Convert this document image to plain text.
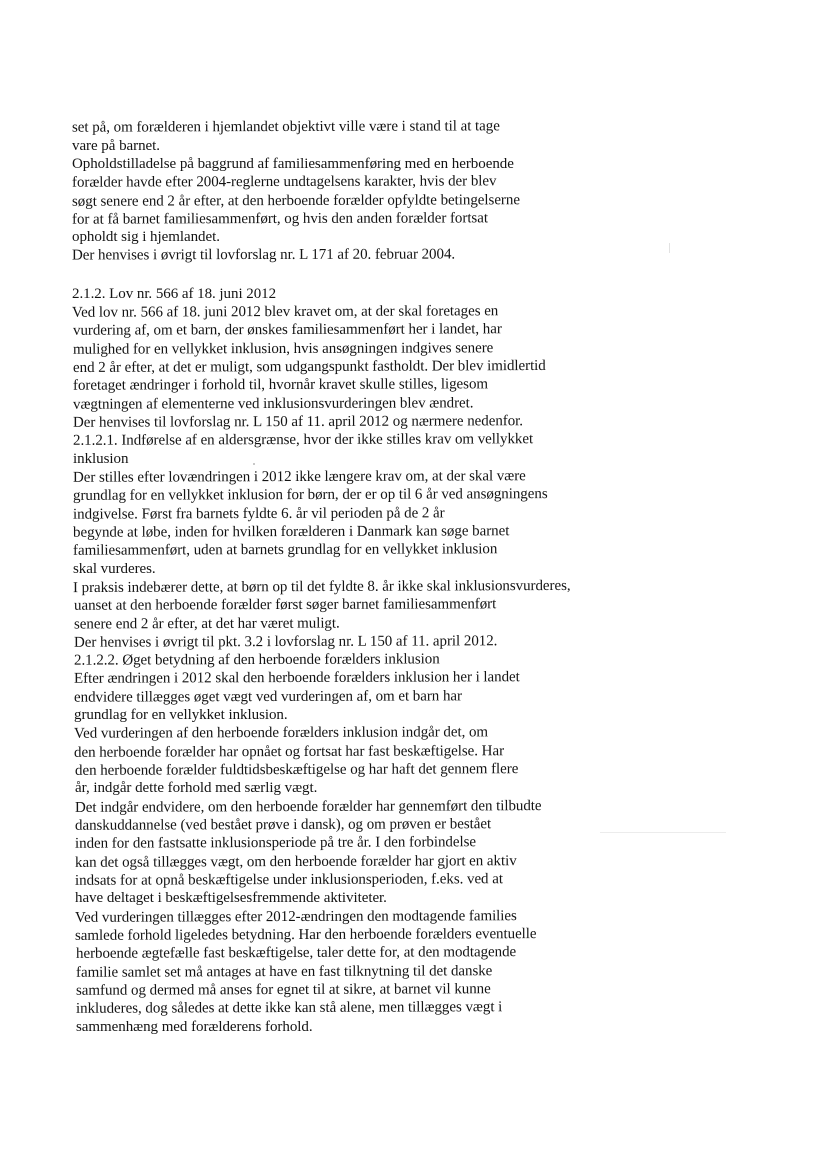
set på, om forælderen i hjemlandet objektivt ville være i stand til at tage
vare på barnet.
Opholdstilladelse på baggrund af familiesammenføring med en herboende
forælder havde efter 2004-reglerne undtagelsens karakter, hvis der blev
søgt senere end 2 år efter, at den herboende forælder opfyldte betingelserne
for at få barnet familiesammenført, og hvis den anden forælder fortsat
opholdt sig i hjemlandet.
Der henvises i øvrigt til lovforslag nr. L 171 af 20. februar 2004.
2.1.2. Lov nr. 566 af 18. juni 2012
Ved lov nr. 566 af 18. juni 2012 blev kravet om, at der skal foretages en
vurdering af, om et barn, der ønskes familiesammenført her i landet, har
mulighed for en vellykket inklusion, hvis ansøgningen indgives senere
end 2 år efter, at det er muligt, som udgangspunkt fastholdt. Der blev imidlertid
foretaget ændringer i forhold til, hvornår kravet skulle stilles, ligesom
vægtningen af elementerne ved inklusionsvurderingen blev ændret.
Der henvises til lovforslag nr. L 150 af 11. april 2012 og nærmere nedenfor.
2.1.2.1. Indførelse af en aldersgrænse, hvor der ikke stilles krav om vellykket
inklusion
Der stilles efter lovændringen i 2012 ikke længere krav om, at der skal være
grundlag for en vellykket inklusion for børn, der er op til 6 år ved ansøgningens
indgivelse. Først fra barnets fyldte 6. år vil perioden på de 2 år
begynde at løbe, inden for hvilken forælderen i Danmark kan søge barnet
familiesammenført, uden at barnets grundlag for en vellykket inklusion
skal vurderes.
I praksis indebærer dette, at børn op til det fyldte 8. år ikke skal inklusionsvurderes,
uanset at den herboende forælder først søger barnet familiesammenført
senere end 2 år efter, at det har været muligt.
Der henvises i øvrigt til pkt. 3.2 i lovforslag nr. L 150 af 11. april 2012.
2.1.2.2. Øget betydning af den herboende forælders inklusion
Efter ændringen i 2012 skal den herboende forælders inklusion her i landet
endvidere tillægges øget vægt ved vurderingen af, om et barn har
grundlag for en vellykket inklusion.
Ved vurderingen af den herboende forælders inklusion indgår det, om
den herboende forælder har opnået og fortsat har fast beskæftigelse. Har
den herboende forælder fuldtidsbeskæftigelse og har haft det gennem flere
år, indgår dette forhold med særlig vægt.
Det indgår endvidere, om den herboende forælder har gennemført den tilbudte
danskuddannelse (ved bestået prøve i dansk), og om prøven er bestået
inden for den fastsatte inklusionsperiode på tre år. I den forbindelse
kan det også tillægges vægt, om den herboende forælder har gjort en aktiv
indsats for at opnå beskæftigelse under inklusionsperioden, f.eks. ved at
have deltaget i beskæftigelsesfremmende aktiviteter.
Ved vurderingen tillægges efter 2012-ændringen den modtagende families
samlede forhold ligeledes betydning. Har den herboende forælders eventuelle
herboende ægtefælle fast beskæftigelse, taler dette for, at den modtagende
familie samlet set må antages at have en fast tilknytning til det danske
samfund og dermed må anses for egnet til at sikre, at barnet vil kunne
inkluderes, dog således at dette ikke kan stå alene, men tillægges vægt i
sammenhæng med forælderens forhold.
